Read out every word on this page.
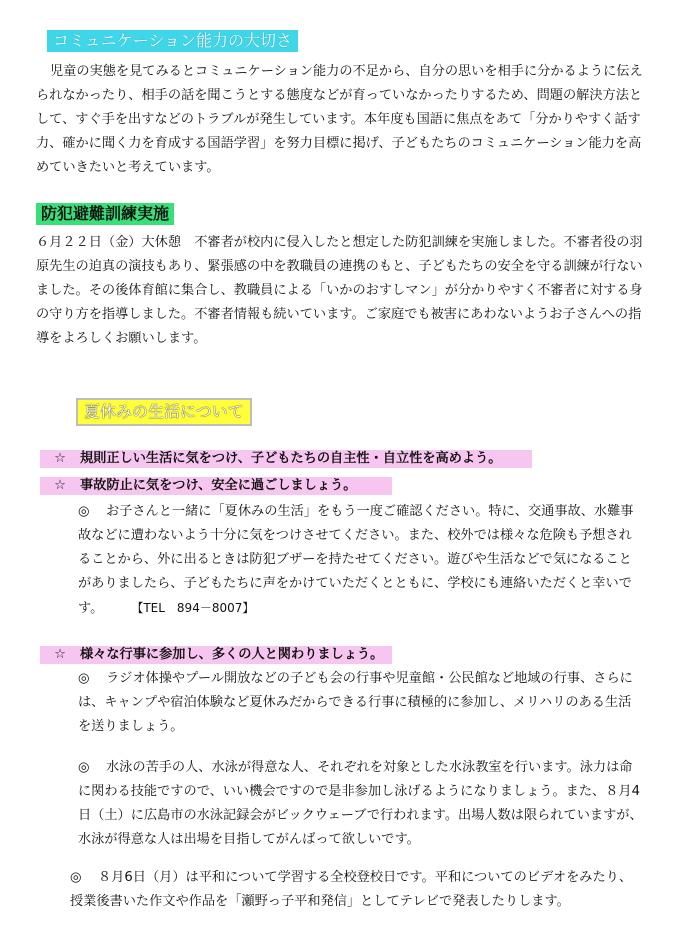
コミュニケーション能力の大切さ

児童の実態を見てみるとコミュニケーション能力の不足から、自分の思いを相手に分かるように伝えられなかったり、相手の話を聞こうとする態度などが育っていなかったりするため、問題の解決方法として、すぐ手を出すなどのトラブルが発生しています。本年度も国語に焦点をあて「分かりやすく話す力、確かに聞く力を育成する国語学習」を努力目標に掲げ、子どもたちのコミュニケーション能力を高めていきたいと考えています。

防犯避難訓練実施

６月２２日（金）大休憩　不審者が校内に侵入したと想定した防犯訓練を実施しました。不審者役の羽原先生の迫真の演技もあり、緊張感の中を教職員の連携のもと、子どもたちの安全を守る訓練が行ないました。その後体育館に集合し、教職員による「いかのおすしマン」が分かりやすく不審者に対する身の守り方を指導しました。不審者情報も続いています。ご家庭でも被害にあわないようお子さんへの指導をよろしくお願いします。

夏休みの生活について
☆ 規則正しい生活に気をつけ、子どもたちの自主性・自立性を高めよう。
☆ 事故防止に気をつけ、安全に過ごしましょう。

◎ お子さんと一緒に「夏休みの生活」をもう一度ご確認ください。特に、交通事故、水難事故などに遭わないよう十分に気をつけさせてください。また、校外では様々な危険も予想されることから、外に出るときは防犯ブザーを持たせてください。遊びや生活などで気になることがありましたら、子どもたちに声をかけていただくとともに、学校にも連絡いただくと幸いです。	【TEL　894－8007】

☆ 様々な行事に参加し、多くの人と関わりましょう。

◎ ラジオ体操やプール開放などの子ども会の行事や児童館・公民館など地域の行事、さらには、キャンプや宿泊体験など夏休みだからできる行事に積極的に参加し、メリハリのある生活を送りましょう。

◎ 水泳の苦手の人、水泳が得意な人、それぞれを対象とした水泳教室を行います。泳力は命に関わる技能ですので、いい機会ですので是非参加し泳げるようになりましょう。また、８月4日（土）に広島市の水泳記録会がビックウェーブで行われます。出場人数は限られていますが、水泳が得意な人は出場を目指してがんばって欲しいです。

◎ ８月6日（月）は平和について学習する全校登校日です。平和についてのビデオをみたり、授業後書いた作文や作品を「瀬野っ子平和発信」としてテレビで発表したりします。
